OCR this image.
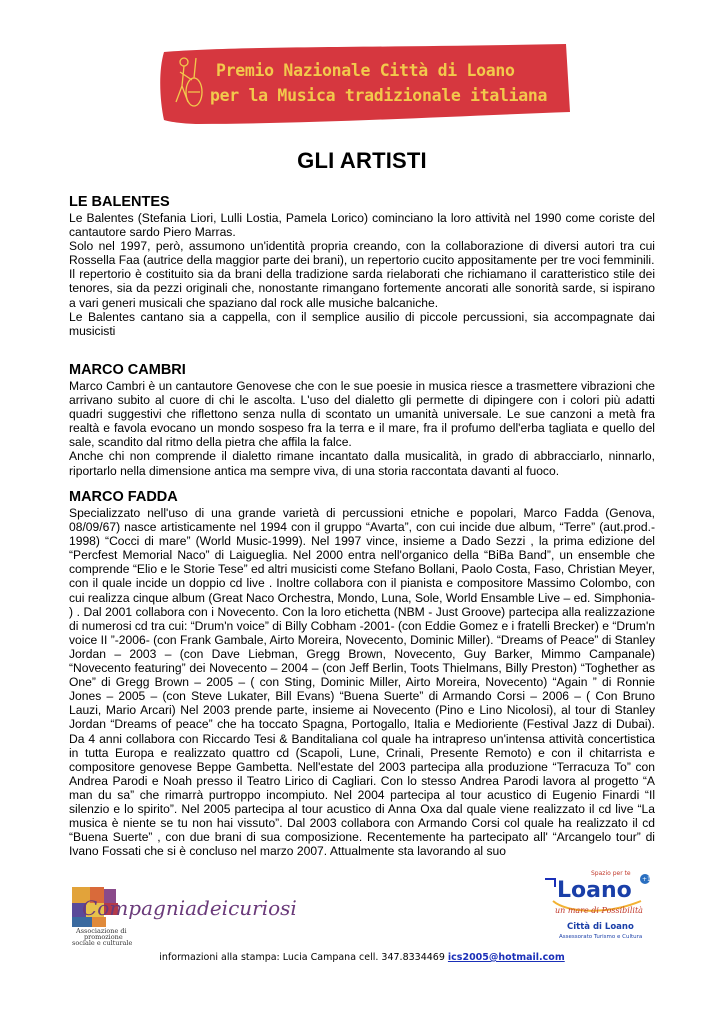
Premio Nazionale Città di Loano
per la Musica tradizionale italiana
GLI ARTISTI
LE BALENTES

Le Balentes (Stefania Liori, Lulli Lostia, Pamela Lorico) cominciano la loro attività nel 1990 come coriste del cantautore sardo Piero Marras.

Solo nel 1997, però, assumono un'identità propria creando, con la collaborazione di diversi autori tra cui Rossella Faa (autrice della maggior parte dei brani), un repertorio cucito appositamente per tre voci femminili.

Il repertorio è costituito sia da brani della tradizione sarda rielaborati che richiamano il caratteristico stile dei tenores, sia da pezzi originali che, nonostante rimangano fortemente ancorati alle sonorità sarde, si ispirano a vari generi musicali che spaziano dal rock alle musiche balcaniche.

Le Balentes cantano sia a cappella, con il semplice ausilio di piccole percussioni, sia accompagnate dai musicisti

MARCO CAMBRI

Marco Cambri è un cantautore Genovese che con le sue poesie in musica riesce a trasmettere vibrazioni che arrivano subito al cuore di chi le ascolta. L'uso del dialetto gli permette di dipingere con i colori più adatti quadri suggestivi che riflettono senza nulla di scontato un umanità universale. Le sue canzoni a metà fra realtà e favola evocano un mondo sospeso fra la terra e il mare, fra il profumo dell'erba tagliata e quello del sale, scandito dal ritmo della pietra che affila la falce.

Anche chi non comprende il dialetto rimane incantato dalla musicalità, in grado di abbracciarlo, ninnarlo, riportarlo nella dimensione antica ma sempre viva, di una storia raccontata davanti al fuoco.

MARCO FADDA

Specializzato nell'uso di una grande varietà di percussioni etniche e popolari, Marco Fadda (Genova, 08/09/67) nasce artisticamente nel 1994 con il gruppo “Avarta”, con cui incide due album, “Terre” (aut.prod.- 1998) “Cocci di mare” (World Music-1999). Nel 1997 vince, insieme a Dado Sezzi , la prima edizione del “Percfest Memorial Naco” di Laigueglia. Nel 2000 entra nell'organico della “BiBa Band”, un ensemble che comprende “Elio e le Storie Tese” ed altri musicisti come Stefano Bollani, Paolo Costa, Faso, Christian Meyer, con il quale incide un doppio cd live . Inoltre collabora con il pianista e compositore Massimo Colombo, con cui realizza cinque album (Great Naco Orchestra, Mondo, Luna, Sole, World Ensamble Live – ed. Simphonia- ) . Dal 2001 collabora con i Novecento. Con la loro etichetta (NBM - Just Groove) partecipa alla realizzazione di numerosi cd tra cui: “Drum'n voice” di Billy Cobham -2001- (con Eddie Gomez e i fratelli Brecker) e “Drum'n voice II ”-2006- (con Frank Gambale, Airto Moreira, Novecento, Dominic Miller). “Dreams of Peace” di Stanley Jordan – 2003 – (con Dave Liebman, Gregg Brown, Novecento, Guy Barker, Mimmo Campanale) “Novecento featuring” dei Novecento – 2004 – (con Jeff Berlin, Toots Thielmans, Billy Preston) “Toghether as One” di Gregg Brown – 2005 – ( con Sting, Dominic Miller, Airto Moreira, Novecento) “Again ” di Ronnie Jones – 2005 – (con Steve Lukater, Bill Evans) “Buena Suerte” di Armando Corsi – 2006 – ( Con Bruno Lauzi, Mario Arcari) Nel 2003 prende parte, insieme ai Novecento (Pino e Lino Nicolosi), al tour di Stanley Jordan “Dreams of peace” che ha toccato Spagna, Portogallo, Italia e Medioriente (Festival Jazz di Dubai). Da 4 anni collabora con Riccardo Tesi & Banditaliana col quale ha intrapreso un'intensa attività concertistica in tutta Europa e realizzato quattro cd (Scapoli, Lune, Crinali, Presente Remoto) e con il chitarrista e compositore genovese Beppe Gambetta. Nell'estate del 2003 partecipa alla produzione “Terracuza To” con Andrea Parodi e Noah presso il Teatro Lirico di Cagliari. Con lo stesso Andrea Parodi lavora al progetto “A man du sa” che rimarrà purtroppo incompiuto. Nel 2004 partecipa al tour acustico di Eugenio Finardi “Il silenzio e lo spirito”. Nel 2005 partecipa al tour acustico di Anna Oxa dal quale viene realizzato il cd live “La musica è niente se tu non hai vissuto”. Dal 2003 collabora con Armando Corsi col quale ha realizzato il cd “Buena Suerte” , con due brani di sua composizione. Recentemente ha partecipato all' “Arcangelo tour” di Ivano Fossati che si è concluso nel marzo 2007. Attualmente sta lavorando al suo

Compagniadeicuriosi
Associazione di
promozione
sociale e culturale
Spazio per te
+1
Loano
un mare di Possibilità
Città di Loano
Assessorato Turismo e Cultura
informazioni alla stampa: Lucia Campana cell. 347.8334469 ics2005@hotmail.com
